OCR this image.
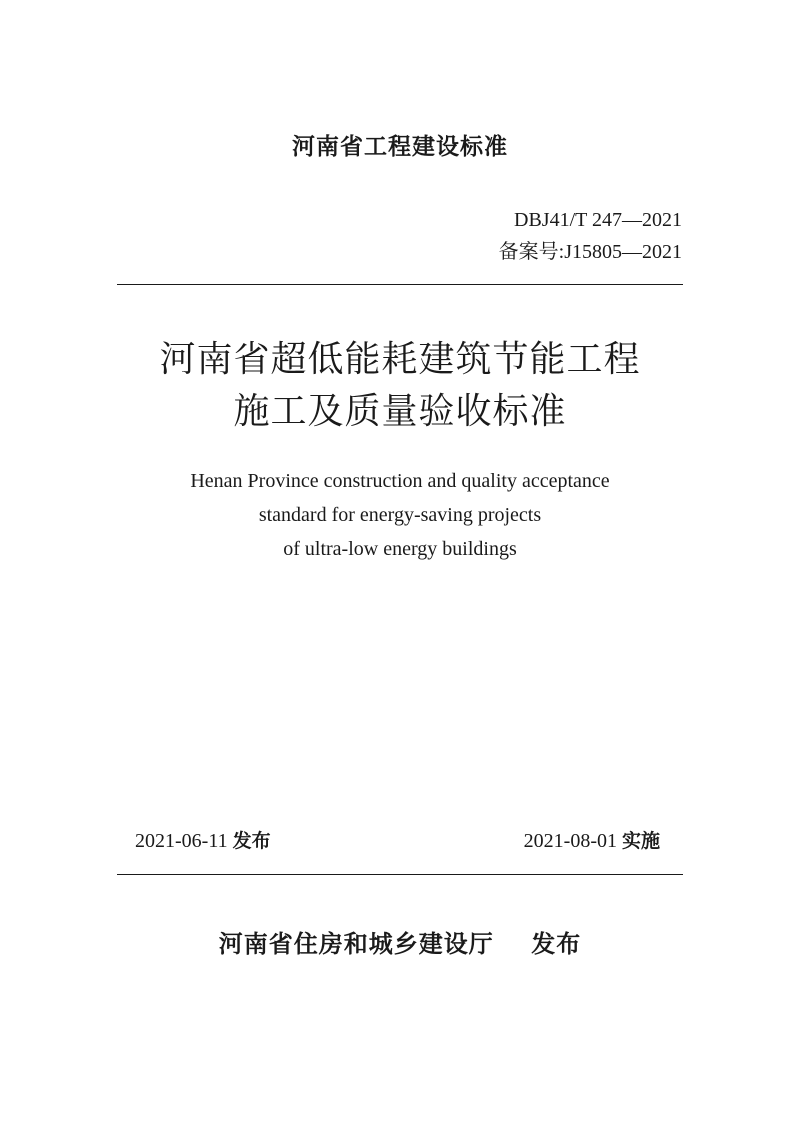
河南省工程建设标准
DBJ41/T 247—2021
备案号:J15805—2021
河南省超低能耗建筑节能工程
施工及质量验收标准
Henan Province construction and quality acceptance
standard for energy-saving projects
of ultra-low energy buildings
2021-06-11 发布	2021-08-01 实施
河南省住房和城乡建设厅 发布
